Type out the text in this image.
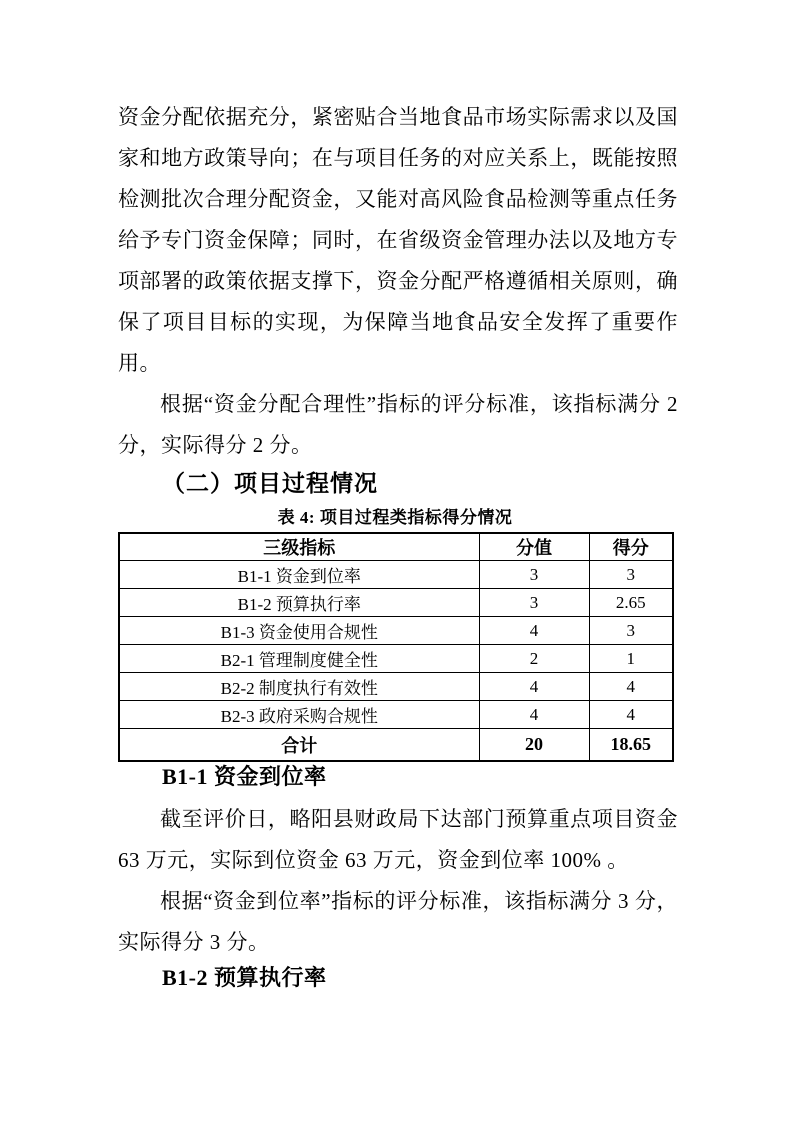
资金分配依据充分，紧密贴合当地食品市场实际需求以及国家和地方政策导向；在与项目任务的对应关系上，既能按照检测批次合理分配资金，又能对高风险食品检测等重点任务给予专门资金保障；同时，在省级资金管理办法以及地方专项部署的政策依据支撑下，资金分配严格遵循相关原则，确保了项目目标的实现，为保障当地食品安全发挥了重要作用。

根据“资金分配合理性”指标的评分标准，该指标满分 2 分，实际得分 2 分。

（二）项目过程情况
表 4: 项目过程类指标得分情况
三级指标	分值	得分
B1-1 资金到位率	3	3
B1-2 预算执行率	3	2.65
B1-3 资金使用合规性	4	3
B2-1 管理制度健全性	2	1
B2-2 制度执行有效性	4	4
B2-3 政府采购合规性	4	4
合计	20	18.65
B1-1 资金到位率

截至评价日，略阳县财政局下达部门预算重点项目资金 63 万元，实际到位资金 63 万元，资金到位率 100% 。

根据“资金到位率”指标的评分标准，该指标满分 3 分，实际得分 3 分。

B1-2 预算执行率
